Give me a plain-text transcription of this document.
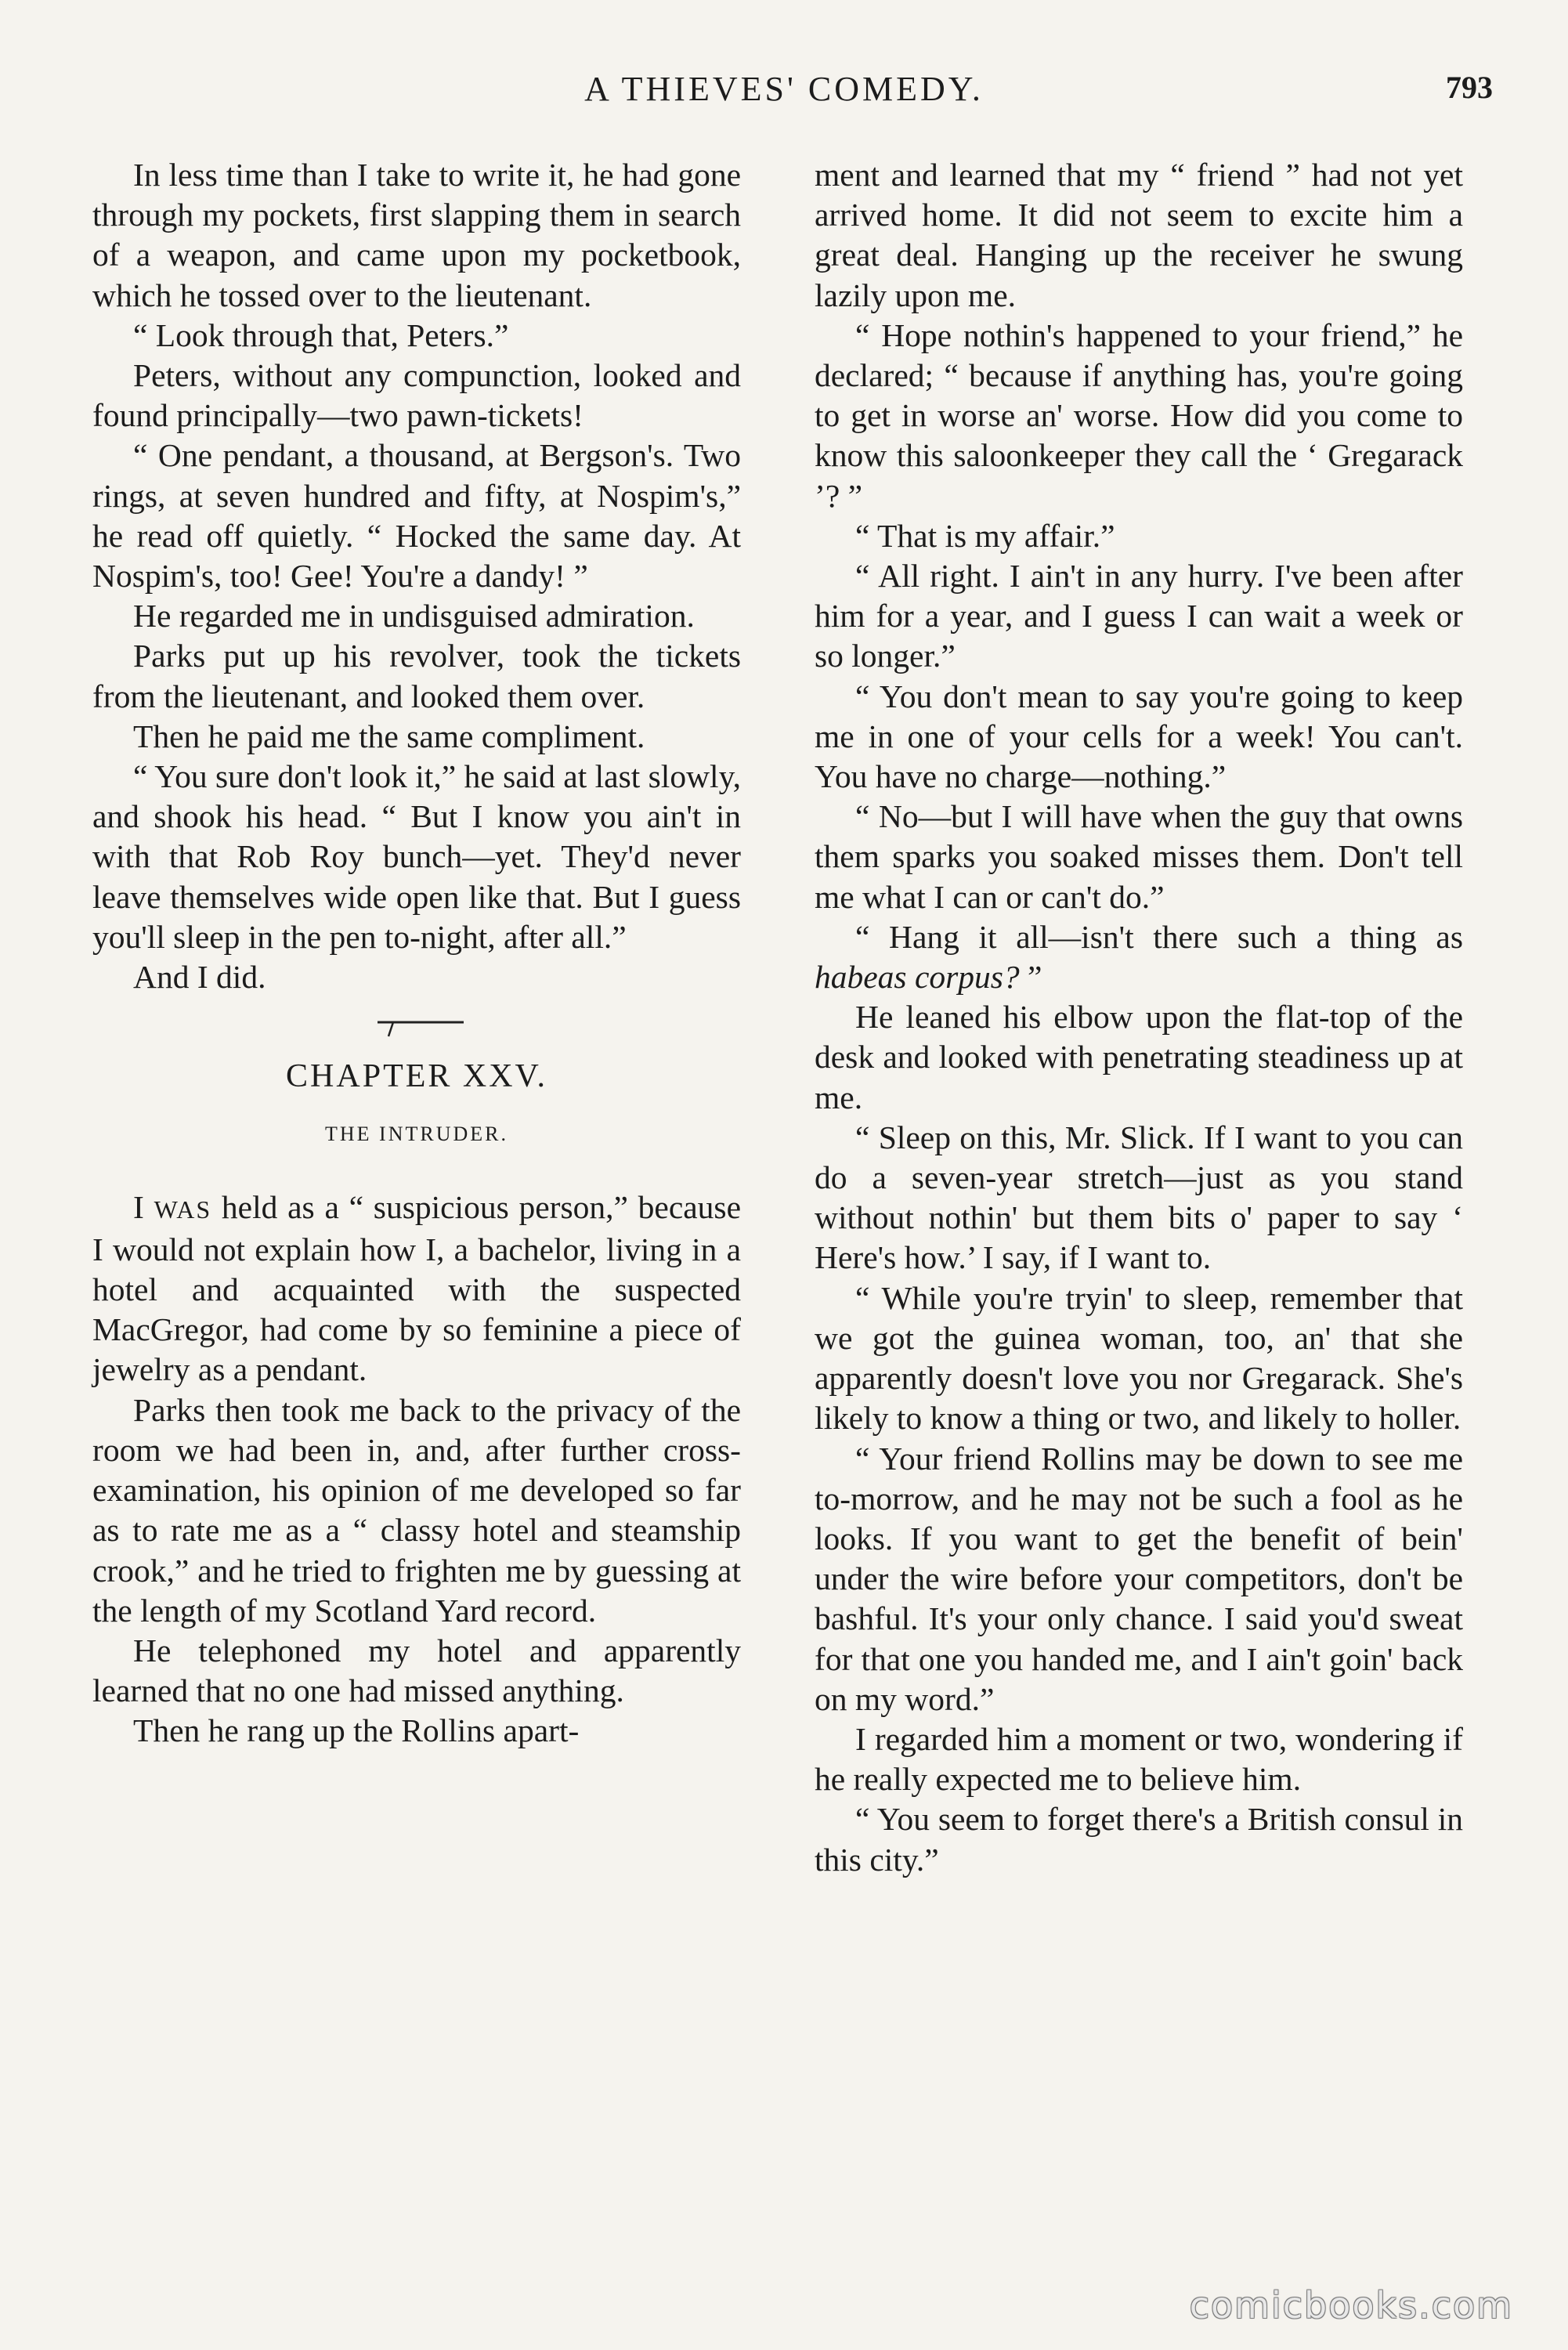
A THIEVES' COMEDY.	793

In less time than I take to write it, he had gone through my pockets, first slapping them in search of a weapon, and came upon my pocketbook, which he tossed over to the lieutenant.

“ Look through that, Peters.”

Peters, without any compunction, looked and found principally—two pawn-tickets!

“ One pendant, a thousand, at Bergson's. Two rings, at seven hundred and fifty, at Nospim's,” he read off quietly. “ Hocked the same day. At Nospim's, too! Gee! You're a dandy! ”

He regarded me in undisguised admiration.

Parks put up his revolver, took the tickets from the lieutenant, and looked them over.

Then he paid me the same compliment.

“ You sure don't look it,” he said at last slowly, and shook his head. “ But I know you ain't in with that Rob Roy bunch—yet. They'd never leave themselves wide open like that. But I guess you'll sleep in the pen to-night, after all.”

And I did.

CHAPTER XXV.
THE INTRUDER.

I WAS held as a “ suspicious person,” because I would not explain how I, a bachelor, living in a hotel and acquainted with the suspected MacGregor, had come by so feminine a piece of jewelry as a pendant.

Parks then took me back to the privacy of the room we had been in, and, after further cross-examination, his opinion of me developed so far as to rate me as a “ classy hotel and steamship crook,” and he tried to frighten me by guessing at the length of my Scotland Yard record.

He telephoned my hotel and apparently learned that no one had missed anything.

Then he rang up the Rollins apart-

ment and learned that my “ friend ” had not yet arrived home. It did not seem to excite him a great deal. Hanging up the receiver he swung lazily upon me.

“ Hope nothin's happened to your friend,” he declared; “ because if anything has, you're going to get in worse an' worse. How did you come to know this saloonkeeper they call the ‘ Gregarack ’? ”

“ That is my affair.”

“ All right. I ain't in any hurry. I've been after him for a year, and I guess I can wait a week or so longer.”

“ You don't mean to say you're going to keep me in one of your cells for a week! You can't. You have no charge—nothing.”

“ No—but I will have when the guy that owns them sparks you soaked misses them. Don't tell me what I can or can't do.”

“ Hang it all—isn't there such a thing as habeas corpus? ”

He leaned his elbow upon the flat-top of the desk and looked with penetrating steadiness up at me.

“ Sleep on this, Mr. Slick. If I want to you can do a seven-year stretch—just as you stand without nothin' but them bits o' paper to say ‘ Here's how.’ I say, if I want to.

“ While you're tryin' to sleep, remember that we got the guinea woman, too, an' that she apparently doesn't love you nor Gregarack. She's likely to know a thing or two, and likely to holler.

“ Your friend Rollins may be down to see me to-morrow, and he may not be such a fool as he looks. If you want to get the benefit of bein' under the wire before your competitors, don't be bashful. It's your only chance. I said you'd sweat for that one you handed me, and I ain't goin' back on my word.”

I regarded him a moment or two, wondering if he really expected me to believe him.

“ You seem to forget there's a British consul in this city.”

comicbooks.com
